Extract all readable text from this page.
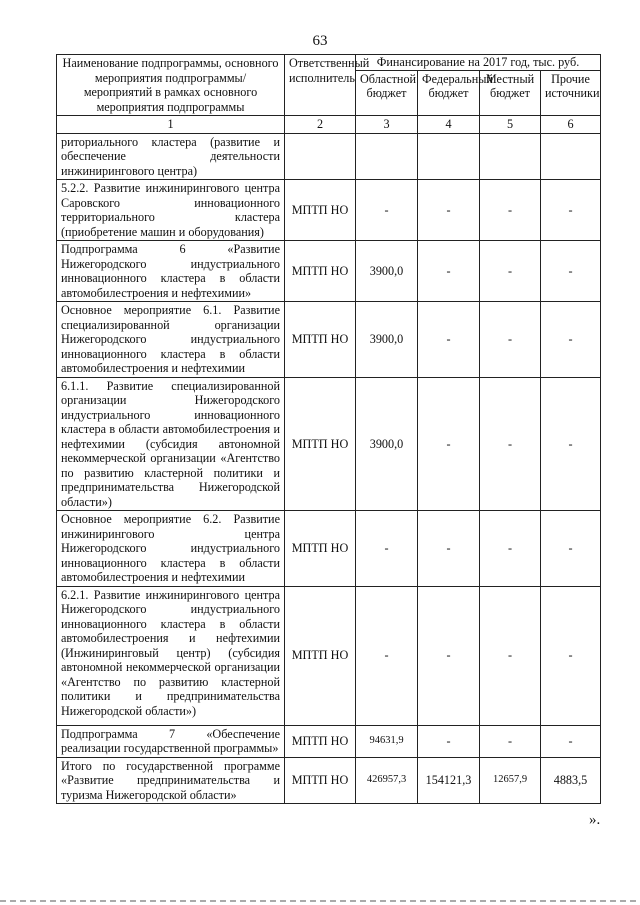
63
Наименование подпрограммы, основного мероприятия подпрограммы/мероприятий в рамках основного мероприятия подпрограммы	Ответственный исполнитель	Финансирование на 2017 год, тыс. руб.			
		Областной бюджет	Федеральный бюджет	Местный бюджет	Прочие источники
1	2	3	4	5	6
риториального кластера (развитие и обеспечение деятельности инжинирингового центра)					
5.2.2. Развитие инжинирингового центра Саровского инновационного территориального кластера (приобретение машин и оборудования)	МПТП НО	-	-	-	-
Подпрограмма 6 «Развитие Нижегородского индустриального инновационного кластера в области автомобилестроения и нефтехимии»	МПТП НО	3900,0	-	-	-
Основное мероприятие 6.1. Развитие специализированной организации Нижегородского индустриального инновационного кластера в области автомобилестроения и нефтехимии	МПТП НО	3900,0	-	-	-
6.1.1. Развитие специализированной организации Нижегородского индустриального инновационного кластера в области автомобилестроения и нефтехимии (субсидия автономной некоммерческой организации «Агентство по развитию кластерной политики и предпринимательства Нижегородской области»)	МПТП НО	3900,0	-	-	-
Основное мероприятие 6.2. Развитие инжинирингового центра Нижегородского индустриального инновационного кластера в области автомобилестроения и нефтехимии	МПТП НО	-	-	-	-
6.2.1. Развитие инжинирингового центра Нижегородского индустриального инновационного кластера в области автомобилестроения и нефтехимии (Инжиниринговый центр) (субсидия автономной некоммерческой организации «Агентство по развитию кластерной политики и предпринимательства Нижегородской области»)	МПТП НО	-	-	-	-
Подпрограмма 7 «Обеспечение реализации государственной программы»	МПТП НО	94631,9	-	-	-
Итого по государственной программе «Развитие предпринимательства и туризма Нижегородской области»	МПТП НО	426957,3	154121,3	12657,9	4883,5
».
